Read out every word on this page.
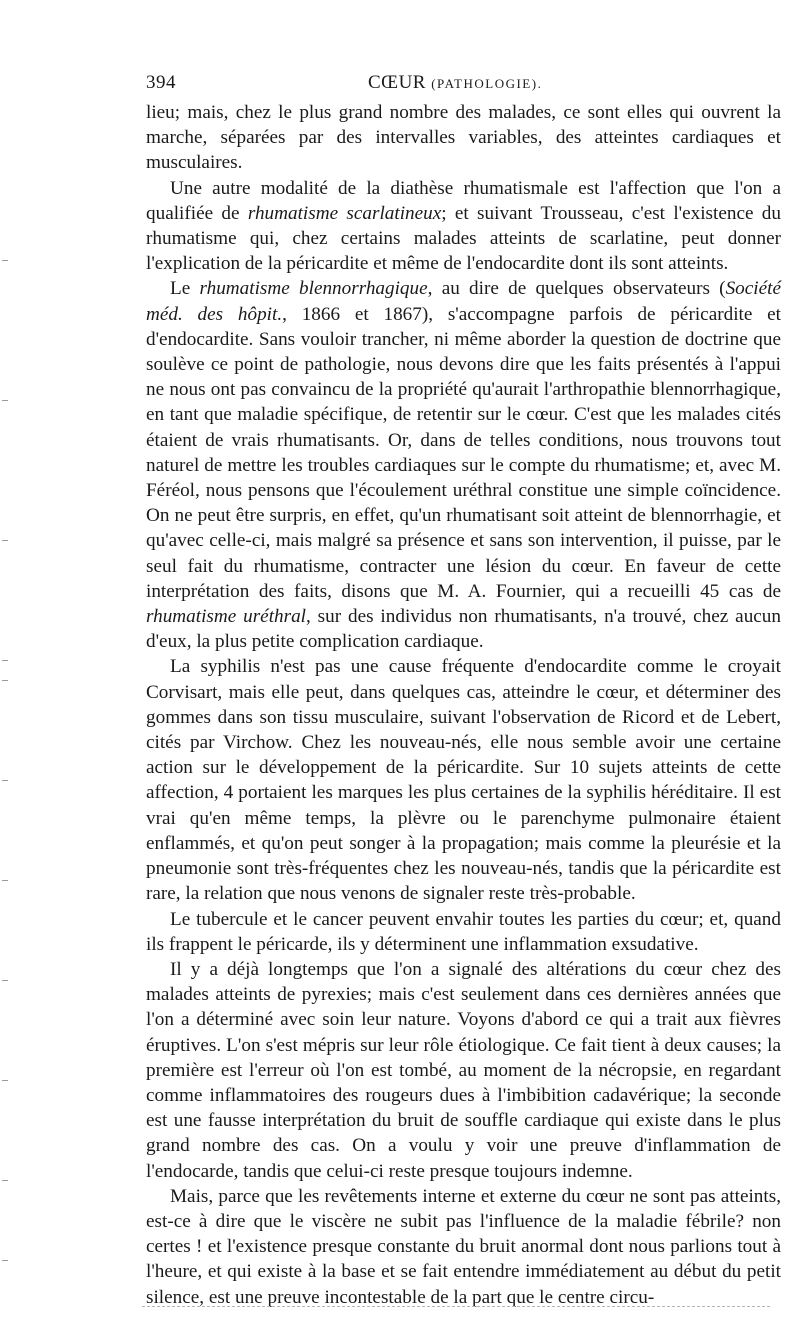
394	CŒUR (PATHOLOGIE).

lieu; mais, chez le plus grand nombre des malades, ce sont elles qui ouvrent la marche, séparées par des intervalles variables, des atteintes cardiaques et musculaires.

Une autre modalité de la diathèse rhumatismale est l'affection que l'on a qualifiée de rhumatisme scarlatineux; et suivant Trousseau, c'est l'existence du rhumatisme qui, chez certains malades atteints de scarlatine, peut donner l'explication de la péricardite et même de l'endocardite dont ils sont atteints.

Le rhumatisme blennorrhagique, au dire de quelques observateurs (Société méd. des hôpit., 1866 et 1867), s'accompagne parfois de péricardite et d'endocardite. Sans vouloir trancher, ni même aborder la question de doctrine que soulève ce point de pathologie, nous devons dire que les faits présentés à l'appui ne nous ont pas convaincu de la propriété qu'aurait l'arthropathie blennorrhagique, en tant que maladie spécifique, de retentir sur le cœur. C'est que les malades cités étaient de vrais rhumatisants. Or, dans de telles conditions, nous trouvons tout naturel de mettre les troubles cardiaques sur le compte du rhumatisme; et, avec M. Féréol, nous pensons que l'écoulement uréthral constitue une simple coïncidence. On ne peut être surpris, en effet, qu'un rhumatisant soit atteint de blennorrhagie, et qu'avec celle-ci, mais malgré sa présence et sans son intervention, il puisse, par le seul fait du rhumatisme, contracter une lésion du cœur. En faveur de cette interprétation des faits, disons que M. A. Fournier, qui a recueilli 45 cas de rhumatisme uréthral, sur des individus non rhumatisants, n'a trouvé, chez aucun d'eux, la plus petite complication cardiaque.

La syphilis n'est pas une cause fréquente d'endocardite comme le croyait Corvisart, mais elle peut, dans quelques cas, atteindre le cœur, et déterminer des gommes dans son tissu musculaire, suivant l'observation de Ricord et de Lebert, cités par Virchow. Chez les nouveau-nés, elle nous semble avoir une certaine action sur le développement de la péricardite. Sur 10 sujets atteints de cette affection, 4 portaient les marques les plus certaines de la syphilis héréditaire. Il est vrai qu'en même temps, la plèvre ou le parenchyme pulmonaire étaient enflammés, et qu'on peut songer à la propagation; mais comme la pleurésie et la pneumonie sont très-fréquentes chez les nouveau-nés, tandis que la péricardite est rare, la relation que nous venons de signaler reste très-probable.

Le tubercule et le cancer peuvent envahir toutes les parties du cœur; et, quand ils frappent le péricarde, ils y déterminent une inflammation exsudative.

Il y a déjà longtemps que l'on a signalé des altérations du cœur chez des malades atteints de pyrexies; mais c'est seulement dans ces dernières années que l'on a déterminé avec soin leur nature. Voyons d'abord ce qui a trait aux fièvres éruptives. L'on s'est mépris sur leur rôle étiologique. Ce fait tient à deux causes; la première est l'erreur où l'on est tombé, au moment de la nécropsie, en regardant comme inflammatoires des rougeurs dues à l'imbibition cadavérique; la seconde est une fausse interprétation du bruit de souffle cardiaque qui existe dans le plus grand nombre des cas. On a voulu y voir une preuve d'inflammation de l'endocarde, tandis que celui-ci reste presque toujours indemne.

Mais, parce que les revêtements interne et externe du cœur ne sont pas atteints, est-ce à dire que le viscère ne subit pas l'influence de la maladie fébrile? non certes ! et l'existence presque constante du bruit anormal dont nous parlions tout à l'heure, et qui existe à la base et se fait entendre immédiatement au début du petit silence, est une preuve incontestable de la part que le centre circu-
